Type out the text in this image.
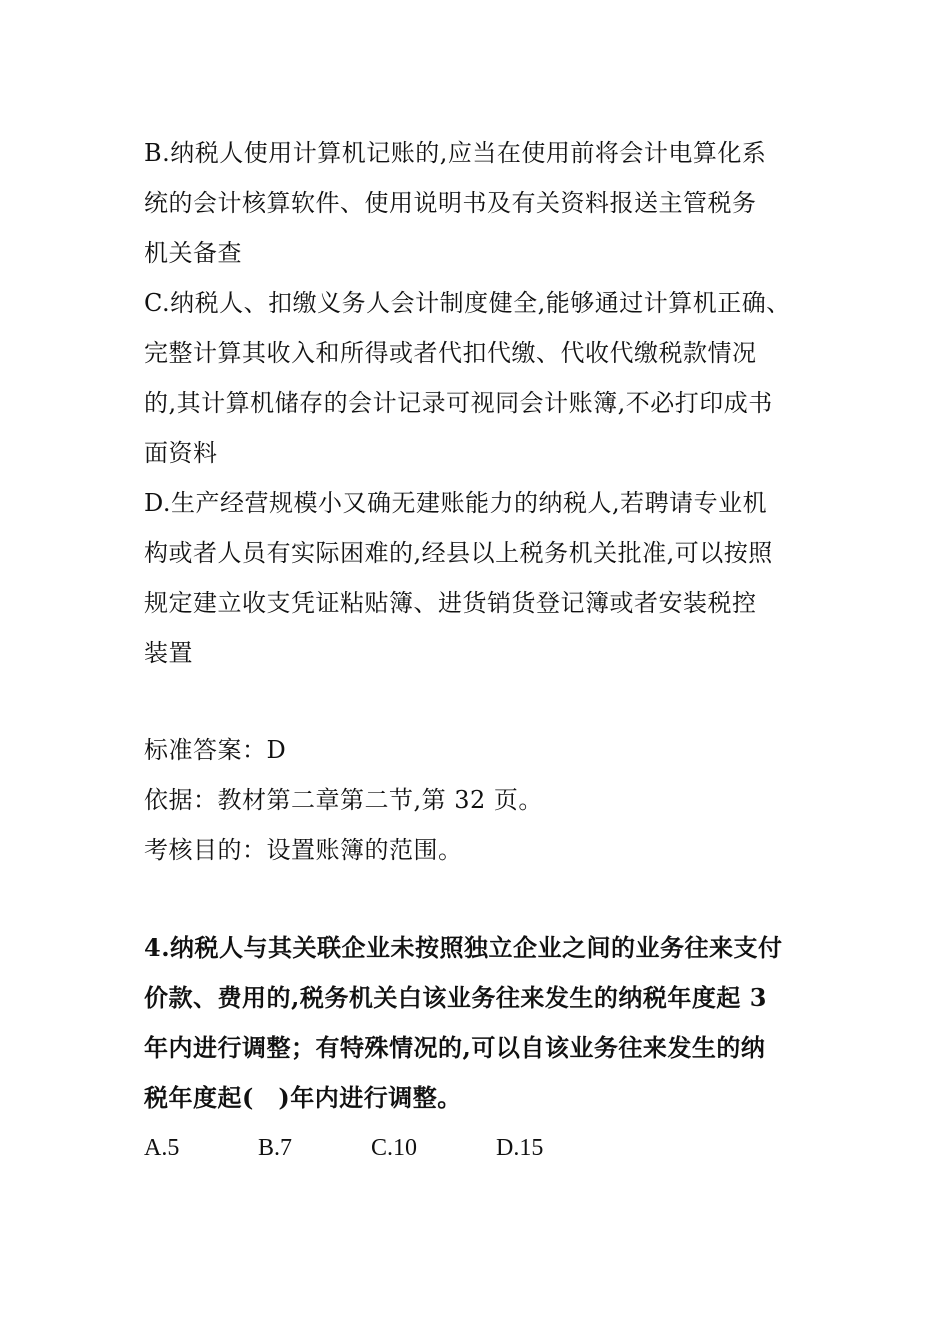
B.纳税人使用计算机记账的,应当在使用前将会计电算化系
统的会计核算软件、使用说明书及有关资料报送主管税务
机关备查
C.纳税人、扣缴义务人会计制度健全,能够通过计算机正确、
完整计算其收入和所得或者代扣代缴、代收代缴税款情况
的,其计算机储存的会计记录可视同会计账簿,不必打印成书
面资料
D.生产经营规模小又确无建账能力的纳税人,若聘请专业机
构或者人员有实际困难的,经县以上税务机关批准,可以按照
规定建立收支凭证粘贴簿、进货销货登记簿或者安装税控
装置
标准答案：D
依据：教材第二章第二节,第 32 页。
考核目的：设置账簿的范围。
4.纳税人与其关联企业未按照独立企业之间的业务往来支付
价款、费用的,税务机关白该业务往来发生的纳税年度起 3
年内进行调整；有特殊情况的,可以自该业务往来发生的纳
税年度起(　)年内进行调整。
A.5	B.7	C.10	D.15
